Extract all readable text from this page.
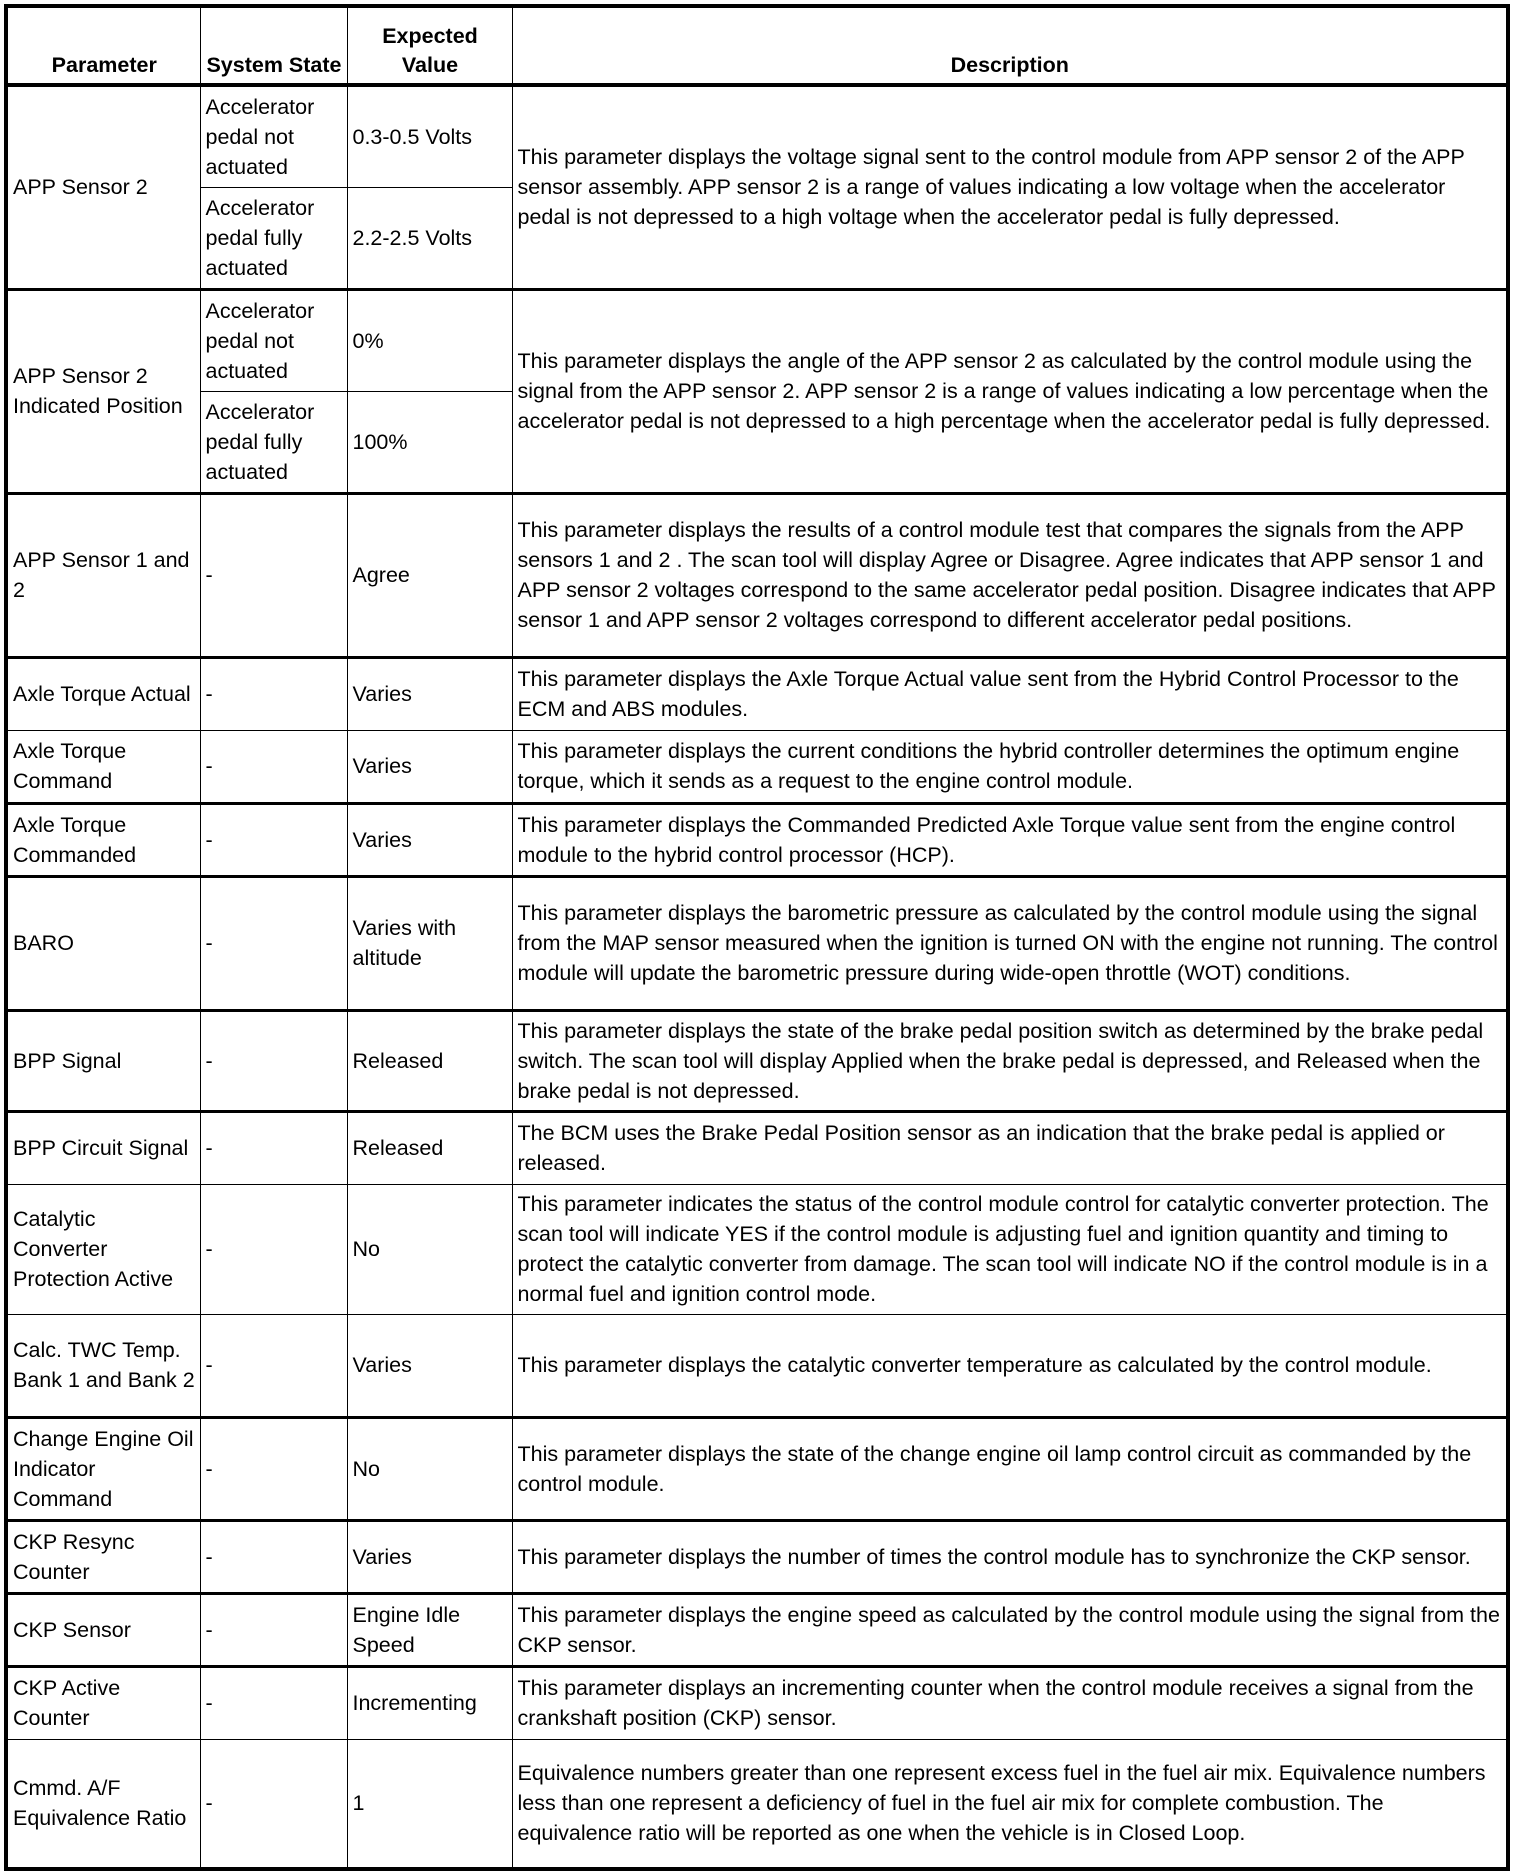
Parameter	System State	Expected Value	Description
APP Sensor 2	Accelerator pedal not actuated	0.3-0.5 Volts	This parameter displays the voltage signal sent to the control module from APP sensor 2 of the APP sensor assembly. APP sensor 2 is a range of values indicating a low voltage when the accelerator pedal is not depressed to a high voltage when the accelerator pedal is fully depressed.
	Accelerator pedal fully actuated	2.2-2.5 Volts	
APP Sensor 2 Indicated Position	Accelerator pedal not actuated	0%	This parameter displays the angle of the APP sensor 2 as calculated by the control module using the signal from the APP sensor 2. APP sensor 2 is a range of values indicating a low percentage when the accelerator pedal is not depressed to a high percentage when the accelerator pedal is fully depressed.
	Accelerator pedal fully actuated	100%	
APP Sensor 1 and 2	-	Agree	This parameter displays the results of a control module test that compares the signals from the APP sensors 1 and 2 . The scan tool will display Agree or Disagree. Agree indicates that APP sensor 1 and APP sensor 2 voltages correspond to the same accelerator pedal position. Disagree indicates that APP sensor 1 and APP sensor 2 voltages correspond to different accelerator pedal positions.
Axle Torque Actual	-	Varies	This parameter displays the Axle Torque Actual value sent from the Hybrid Control Processor to the ECM and ABS modules.
Axle Torque Command	-	Varies	This parameter displays the current conditions the hybrid controller determines the optimum engine torque, which it sends as a request to the engine control module.
Axle Torque Commanded	-	Varies	This parameter displays the Commanded Predicted Axle Torque value sent from the engine control module to the hybrid control processor (HCP).
BARO	-	Varies with altitude	This parameter displays the barometric pressure as calculated by the control module using the signal from the MAP sensor measured when the ignition is turned ON with the engine not running. The control module will update the barometric pressure during wide-open throttle (WOT) conditions.
BPP Signal	-	Released	This parameter displays the state of the brake pedal position switch as determined by the brake pedal switch. The scan tool will display Applied when the brake pedal is depressed, and Released when the brake pedal is not depressed.
BPP Circuit Signal	-	Released	The BCM uses the Brake Pedal Position sensor as an indication that the brake pedal is applied or released.
Catalytic Converter Protection Active	-	No	This parameter indicates the status of the control module control for catalytic converter protection. The scan tool will indicate YES if the control module is adjusting fuel and ignition quantity and timing to protect the catalytic converter from damage. The scan tool will indicate NO if the control module is in a normal fuel and ignition control mode.
Calc. TWC Temp. Bank 1 and Bank 2	-	Varies	This parameter displays the catalytic converter temperature as calculated by the control module.
Change Engine Oil Indicator Command	-	No	This parameter displays the state of the change engine oil lamp control circuit as commanded by the control module.
CKP Resync Counter	-	Varies	This parameter displays the number of times the control module has to synchronize the CKP sensor.
CKP Sensor	-	Engine Idle Speed	This parameter displays the engine speed as calculated by the control module using the signal from the CKP sensor.
CKP Active Counter	-	Incrementing	This parameter displays an incrementing counter when the control module receives a signal from the crankshaft position (CKP) sensor.
Cmmd. A/F Equivalence Ratio	-	1	Equivalence numbers greater than one represent excess fuel in the fuel air mix. Equivalence numbers less than one represent a deficiency of fuel in the fuel air mix for complete combustion. The equivalence ratio will be reported as one when the vehicle is in Closed Loop.
